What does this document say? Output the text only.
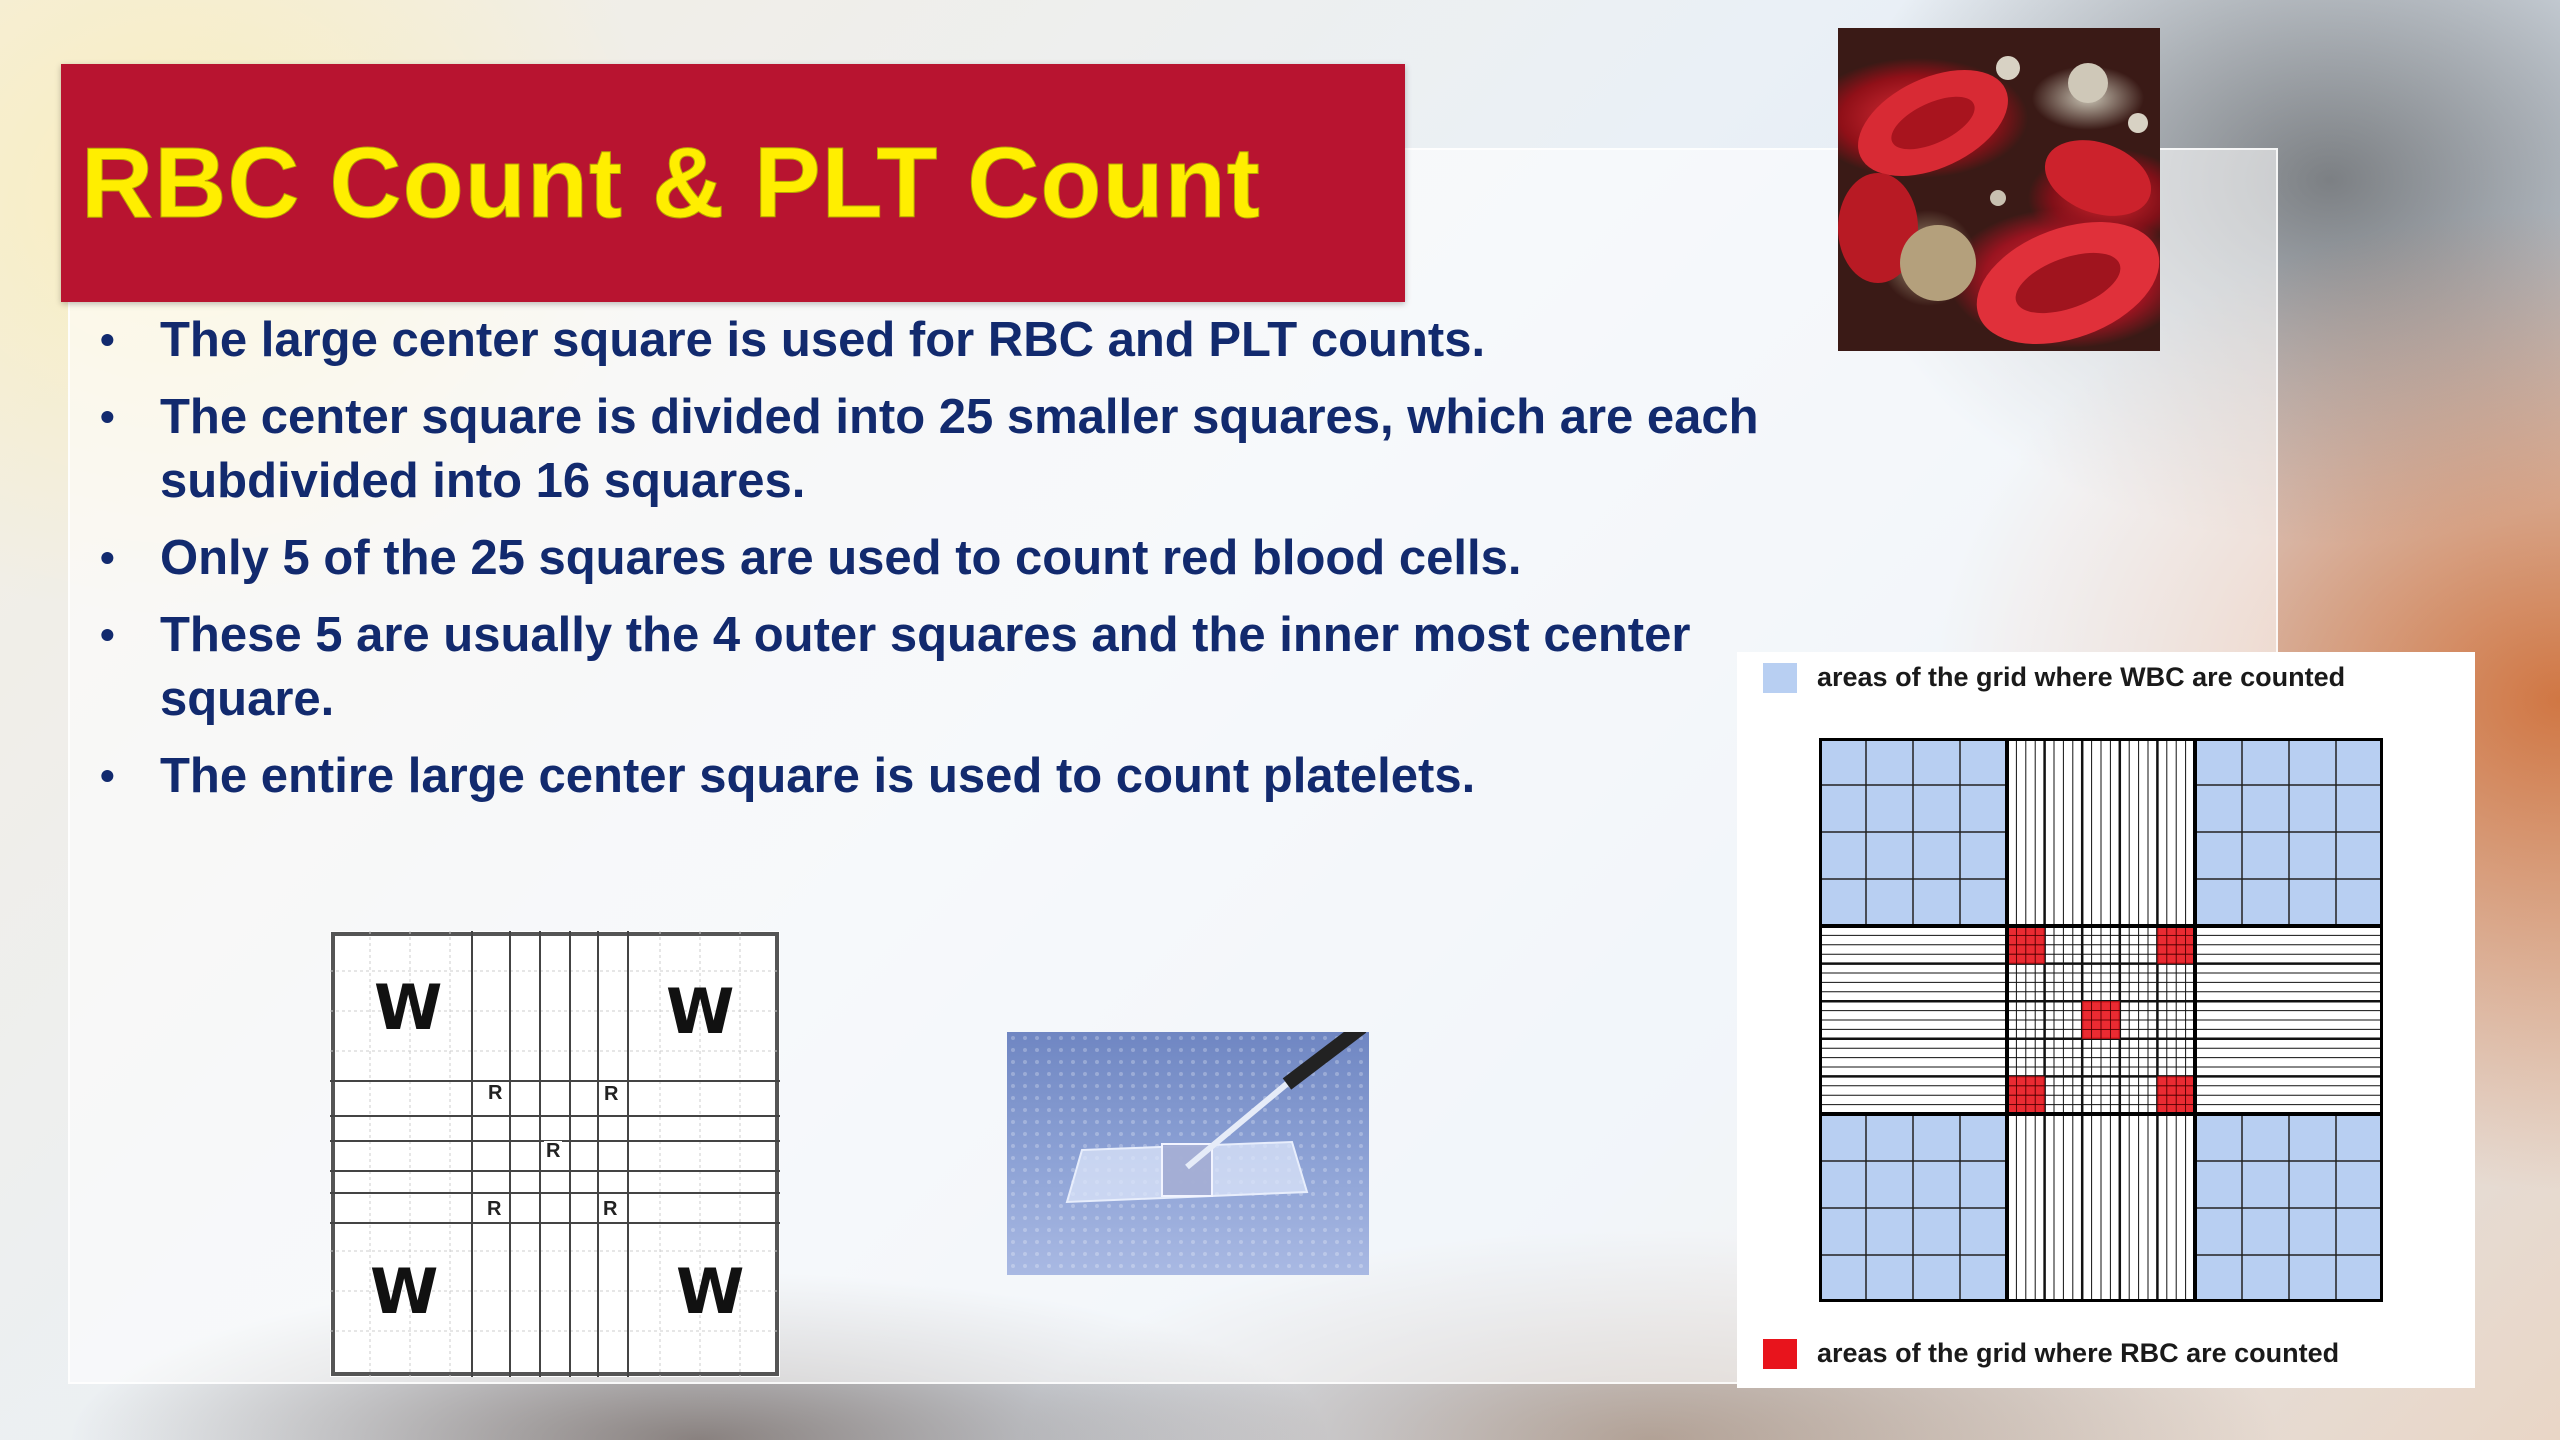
RBC Count & PLT Count
• The large center square is used for RBC and PLT counts.
• The center square is divided into 25 smaller squares, which are each subdivided into 16 squares.
• Only 5 of the 25 squares are used to count red blood cells.
• These 5 are usually the 4 outer squares and the inner most center square.
• The entire large center square is used to count platelets.
W	W
W	W
R	R
R
R	R
areas of the grid where WBC are counted
areas of the grid where RBC are counted
